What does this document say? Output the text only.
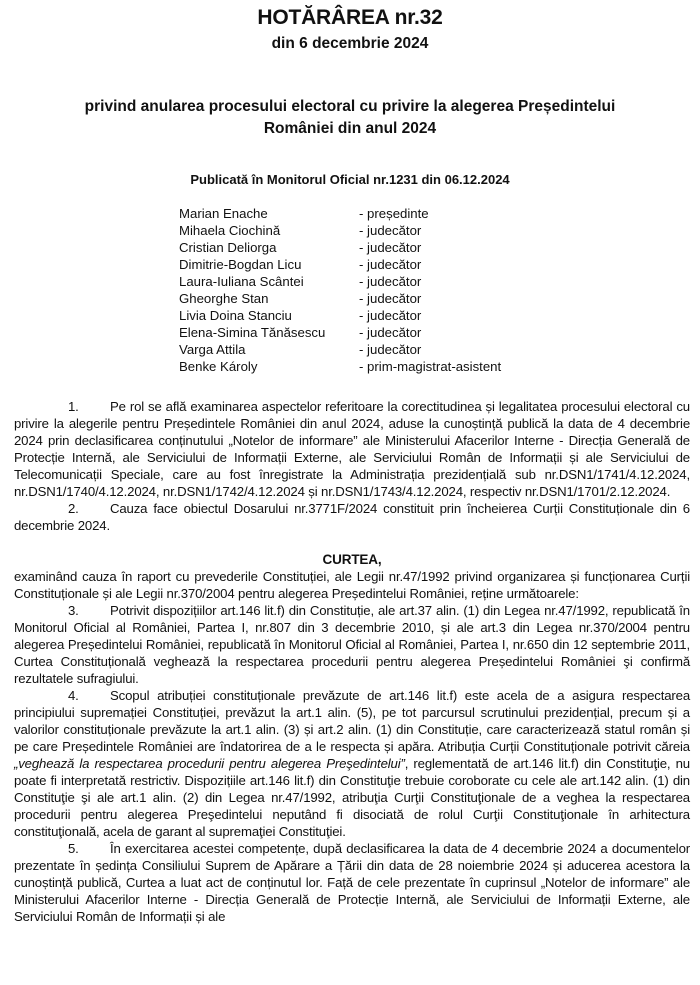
HOTĂRÂREA nr.32
din 6 decembrie 2024
privind anularea procesului electoral cu privire la alegerea Președintelui
României din anul 2024
Publicată în Monitorul Oficial nr.1231 din 06.12.2024
Marian Enache	- președinte
Mihaela Ciochină	- judecător
Cristian Deliorga	- judecător
Dimitrie-Bogdan Licu	- judecător
Laura-Iuliana Scântei	- judecător
Gheorghe Stan	- judecător
Livia Doina Stanciu	- judecător
Elena-Simina Tănăsescu	- judecător
Varga Attila	- judecător
Benke Károly	- prim-magistrat-asistent

1. Pe rol se află examinarea aspectelor referitoare la corectitudinea și legalitatea procesului electoral cu privire la alegerile pentru Președintele României din anul 2024, aduse la cunoștință publică la data de 4 decembrie 2024 prin declasificarea conținutului „Notelor de informare” ale Ministerului Afacerilor Interne - Direcția Generală de Protecție Internă, ale Serviciului de Informații Externe, ale Serviciului Român de Informații și ale Serviciului de Telecomunicații Speciale, care au fost înregistrate la Administrația prezidențială sub nr.DSN1/1741/4.12.2024, nr.DSN1/1740/4.12.2024, nr.DSN1/1742/4.12.2024 și nr.DSN1/1743/4.12.2024, respectiv nr.DSN1/1701/2.12.2024.

2. Cauza face obiectul Dosarului nr.3771F/2024 constituit prin încheierea Curții Constituționale din 6 decembrie 2024.

CURTEA,

examinând cauza în raport cu prevederile Constituției, ale Legii nr.47/1992 privind organizarea și funcționarea Curții Constituționale și ale Legii nr.370/2004 pentru alegerea Președintelui României, reține următoarele:

3. Potrivit dispozițiilor art.146 lit.f) din Constituție, ale art.37 alin. (1) din Legea nr.47/1992, republicată în Monitorul Oficial al României, Partea I, nr.807 din 3 decembrie 2010, și ale art.3 din Legea nr.370/2004 pentru alegerea Președintelui României, republicată în Monitorul Oficial al României, Partea I, nr.650 din 12 septembrie 2011, Curtea Constituțională veghează la respectarea procedurii pentru alegerea Președintelui României şi confirmă rezultatele sufragiului.

4. Scopul atribuției constituționale prevăzute de art.146 lit.f) este acela de a asigura respectarea principiului supremației Constituției, prevăzut la art.1 alin. (5), pe tot parcursul scrutinului prezidențial, precum și a valorilor constituționale prevăzute la art.1 alin. (3) și art.2 alin. (1) din Constituție, care caracterizează statul român și pe care Președintele României are îndatorirea de a le respecta și apăra. Atribuția Curții Constituționale potrivit căreia „veghează la respectarea procedurii pentru alegerea Preşedintelui”, reglementată de art.146 lit.f) din Constituţie, nu poate fi interpretată restrictiv. Dispozițiile art.146 lit.f) din Constituţie trebuie coroborate cu cele ale art.142 alin. (1) din Constituţie şi ale art.1 alin. (2) din Legea nr.47/1992, atribuţia Curţii Constituţionale de a veghea la respectarea procedurii pentru alegerea Preşedintelui neputând fi disociată de rolul Curţii Constituţionale în arhitectura constituţională, acela de garant al supremaţiei Constituţiei.

5. În exercitarea acestei competențe, după declasificarea la data de 4 decembrie 2024 a documentelor prezentate în ședința Consiliului Suprem de Apărare a Țării din data de 28 noiembrie 2024 și aducerea acestora la cunoștință publică, Curtea a luat act de conținutul lor. Față de cele prezentate în cuprinsul „Notelor de informare” ale Ministerului Afacerilor Interne - Direcția Generală de Protecție Internă, ale Serviciului de Informații Externe, ale Serviciului Român de Informații și ale
